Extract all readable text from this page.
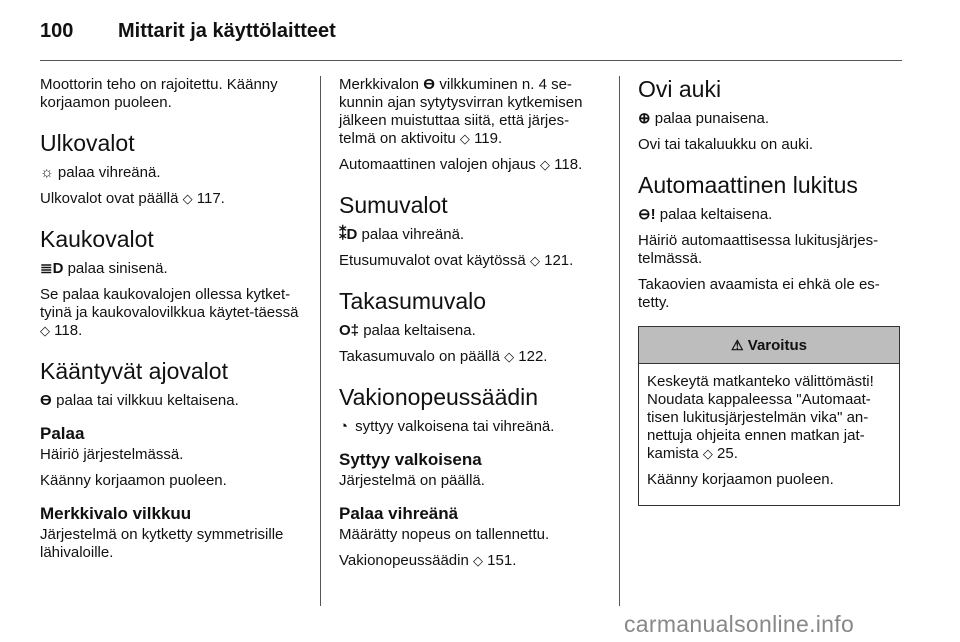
100 Mittarit ja käyttölaitteet

Moottorin teho on rajoitettu. Käänny korjaamon puoleen.

Ulkovalot

☼ palaa vihreänä.

Ulkovalot ovat päällä ◇ 117.

Kaukovalot

≣D palaa sinisenä.

Se palaa kaukovalojen ollessa kytket-tyinä ja kaukovalovilkkua käytet-täessä ◇ 118.

Kääntyvät ajovalot

Ɵ palaa tai vilkkuu keltaisena.

Palaa

Häiriö järjestelmässä.

Käänny korjaamon puoleen.

Merkkivalo vilkkuu

Järjestelmä on kytketty symmetrisille lähivaloille.

Merkkivalon Ɵ vilkkuminen n. 4 se-kunnin ajan sytytysvirran kytkemisen jälkeen muistuttaa siitä, että järjes-telmä on aktivoitu ◇ 119.

Automaattinen valojen ohjaus ◇ 118.

Sumuvalot

⁑D palaa vihreänä.

Etusumuvalot ovat käytössä ◇ 121.

Takasumuvalo

O‡ palaa keltaisena.

Takasumuvalo on päällä ◇ 122.

Vakionopeussäädin

◔ syttyy valkoisena tai vihreänä.

Syttyy valkoisena

Järjestelmä on päällä.

Palaa vihreänä

Määrätty nopeus on tallennettu.

Vakionopeussäädin ◇ 151.

Ovi auki

⊕ palaa punaisena.

Ovi tai takaluukku on auki.

Automaattinen lukitus

⊖! palaa keltaisena.

Häiriö automaattisessa lukitusjärjes-telmässä.

Takaovien avaamista ei ehkä ole es-tetty.

⚠ Varoitus

Keskeytä matkanteko välittömästi! Noudata kappaleessa "Automaat-tisen lukitusjärjestelmän vika" an-nettuja ohjeita ennen matkan jat-kamista ◇ 25.

Käänny korjaamon puoleen.

carmanualsonline.info
